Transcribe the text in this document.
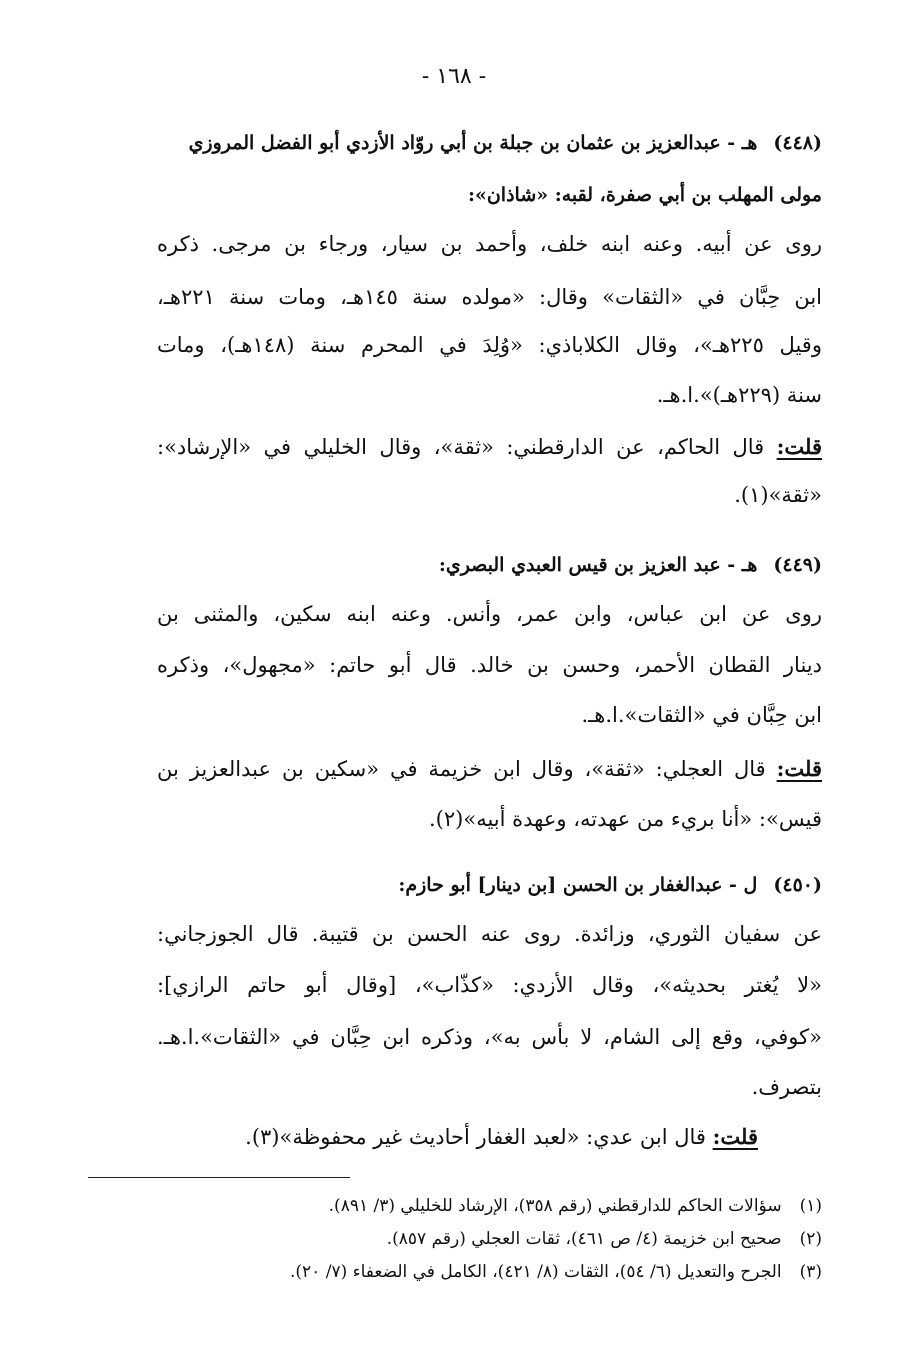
- ١٦٨ -
(٤٤٨)هـ - عبدالعزيز بن عثمان بن جبلة بن أبي روّاد الأزدي أبو الفضل المروزي
مولى المهلب بن أبي صفرة، لقبه: «شاذان»:
روى عن أبيه. وعنه ابنه خلف، وأحمد بن سيار، ورجاء بن مرجى. ذكره
ابن حِبَّان في «الثقات» وقال: «مولده سنة ١٤٥هـ، ومات سنة ٢٢١هـ،
وقيل ٢٢٥هـ»، وقال الكلاباذي: «وُلِدَ في المحرم سنة (١٤٨هـ)، ومات
سنة (٢٢٩هـ)».ا.هـ.
قلت: قال الحاكم، عن الدارقطني: «ثقة»، وقال الخليلي في «الإرشاد»:
«ثقة»(١).
(٤٤٩)هـ - عبد العزيز بن قيس العبدي البصري:
روى عن ابن عباس، وابن عمر، وأنس. وعنه ابنه سكين، والمثنى بن
دينار القطان الأحمر، وحسن بن خالد. قال أبو حاتم: «مجهول»، وذكره
ابن حِبَّان في «الثقات».ا.هـ.
قلت: قال العجلي: «ثقة»، وقال ابن خزيمة في «سكين بن عبدالعزيز بن
قيس»: «أنا بريء من عهدته، وعهدة أبيه»(٢).
(٤٥٠)ل - عبدالغفار بن الحسن [بن دينار] أبو حازم:
عن سفيان الثوري، وزائدة. روى عنه الحسن بن قتيبة. قال الجوزجاني:
«لا يُغتر بحديثه»، وقال الأزدي: «كذّاب»، [وقال أبو حاتم الرازي]:
«كوفي، وقع إلى الشام، لا بأس به»، وذكره ابن حِبَّان في «الثقات».ا.هـ.
بتصرف.
قلت: قال ابن عدي: «لعبد الغفار أحاديث غير محفوظة»(٣).
(١)سؤالات الحاكم للدارقطني (رقم ٣٥٨)، الإرشاد للخليلي (٣/ ٨٩١).
(٢)صحيح ابن خزيمة (٤/ ص ٤٦١)، ثقات العجلي (رقم ٨٥٧).
(٣)الجرح والتعديل (٦/ ٥٤)، الثقات (٨/ ٤٢١)، الكامل في الضعفاء (٧/ ٢٠).
